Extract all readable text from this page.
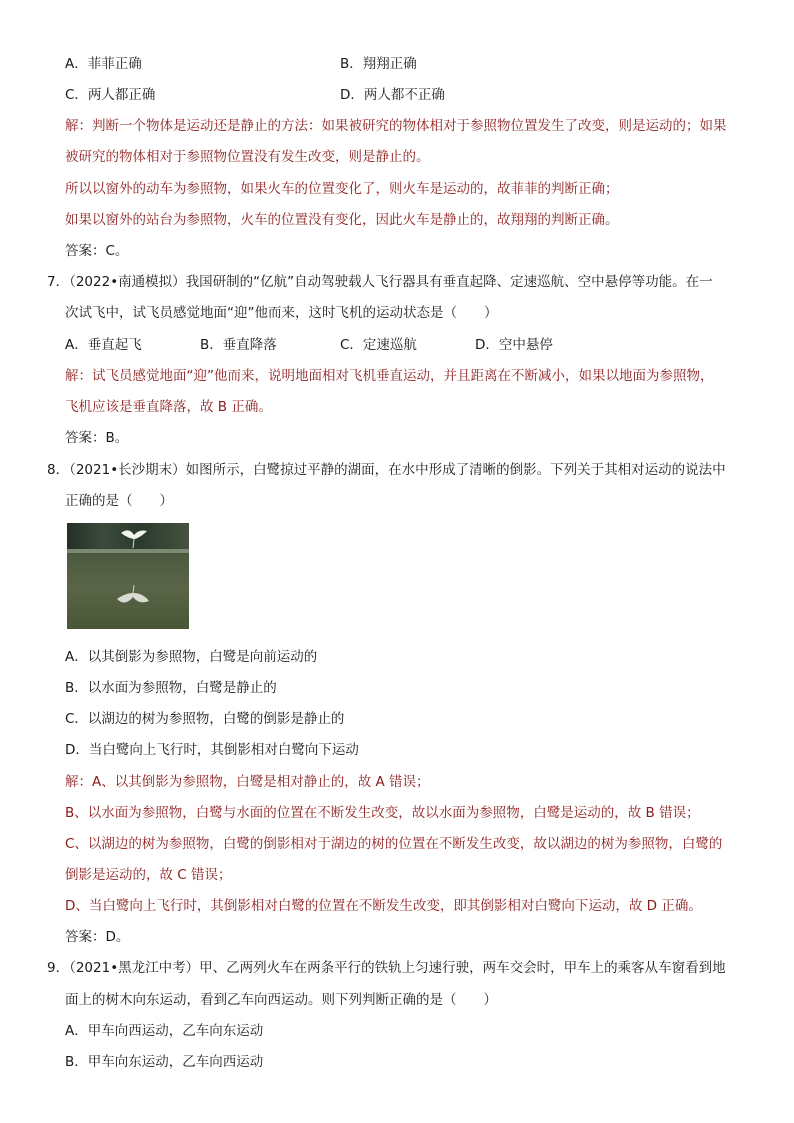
A．菲菲正确	B．翔翔正确
C．两人都正确	D．两人都不正确
解：判断一个物体是运动还是静止的方法：如果被研究的物体相对于参照物位置发生了改变，则是运动的；如果
被研究的物体相对于参照物位置没有发生改变，则是静止的。
所以以窗外的动车为参照物，如果火车的位置变化了，则火车是运动的，故菲菲的判断正确；
如果以窗外的站台为参照物，火车的位置没有变化，因此火车是静止的，故翔翔的判断正确。
答案：C。
7．（2022•南通模拟）我国研制的“亿航”自动驾驶载人飞行器具有垂直起降、定速巡航、空中悬停等功能。在一
次试飞中，试飞员感觉地面“迎”他而来，这时飞机的运动状态是（　　）
A．垂直起飞	B．垂直降落	C．定速巡航	D．空中悬停
解：试飞员感觉地面“迎”他而来，说明地面相对飞机垂直运动，并且距离在不断减小，如果以地面为参照物，
飞机应该是垂直降落，故 B 正确。
答案：B。
8．（2021•长沙期末）如图所示，白鹭掠过平静的湖面，在水中形成了清晰的倒影。下列关于其相对运动的说法中
正确的是（　　）
A．以其倒影为参照物，白鹭是向前运动的
B．以水面为参照物，白鹭是静止的
C．以湖边的树为参照物，白鹭的倒影是静止的
D．当白鹭向上飞行时，其倒影相对白鹭向下运动
解：A、以其倒影为参照物，白鹭是相对静止的，故 A 错误；
B、以水面为参照物，白鹭与水面的位置在不断发生改变，故以水面为参照物，白鹭是运动的，故 B 错误；
C、以湖边的树为参照物，白鹭的倒影相对于湖边的树的位置在不断发生改变，故以湖边的树为参照物，白鹭的
倒影是运动的，故 C 错误；
D、当白鹭向上飞行时，其倒影相对白鹭的位置在不断发生改变，即其倒影相对白鹭向下运动，故 D 正确。
答案：D。
9．（2021•黑龙江中考）甲、乙两列火车在两条平行的铁轨上匀速行驶，两车交会时，甲车上的乘客从车窗看到地
面上的树木向东运动，看到乙车向西运动。则下列判断正确的是（　　）
A．甲车向西运动，乙车向东运动
B．甲车向东运动，乙车向西运动
